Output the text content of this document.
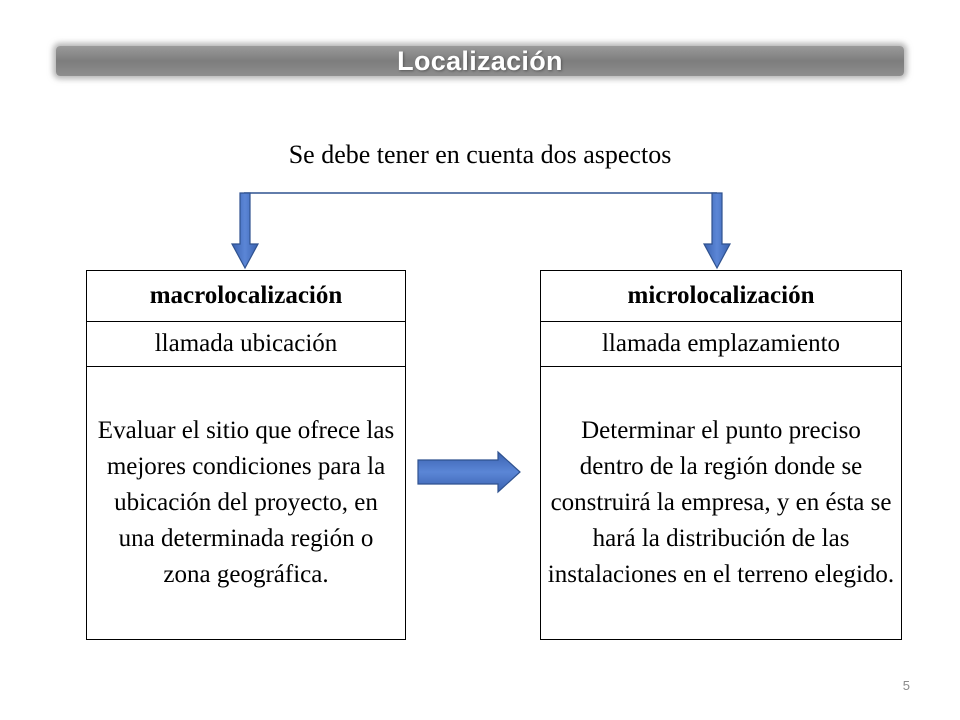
Localización
Se debe tener en cuenta dos aspectos
macrolocalización
llamada ubicación
Evaluar el sitio que ofrece las mejores condiciones para la ubicación del proyecto, en una determinada región o zona geográfica.
microlocalización
llamada emplazamiento
Determinar el punto preciso dentro de la región donde se construirá la empresa, y en ésta se hará la distribución de las instalaciones en el terreno elegido.
5
